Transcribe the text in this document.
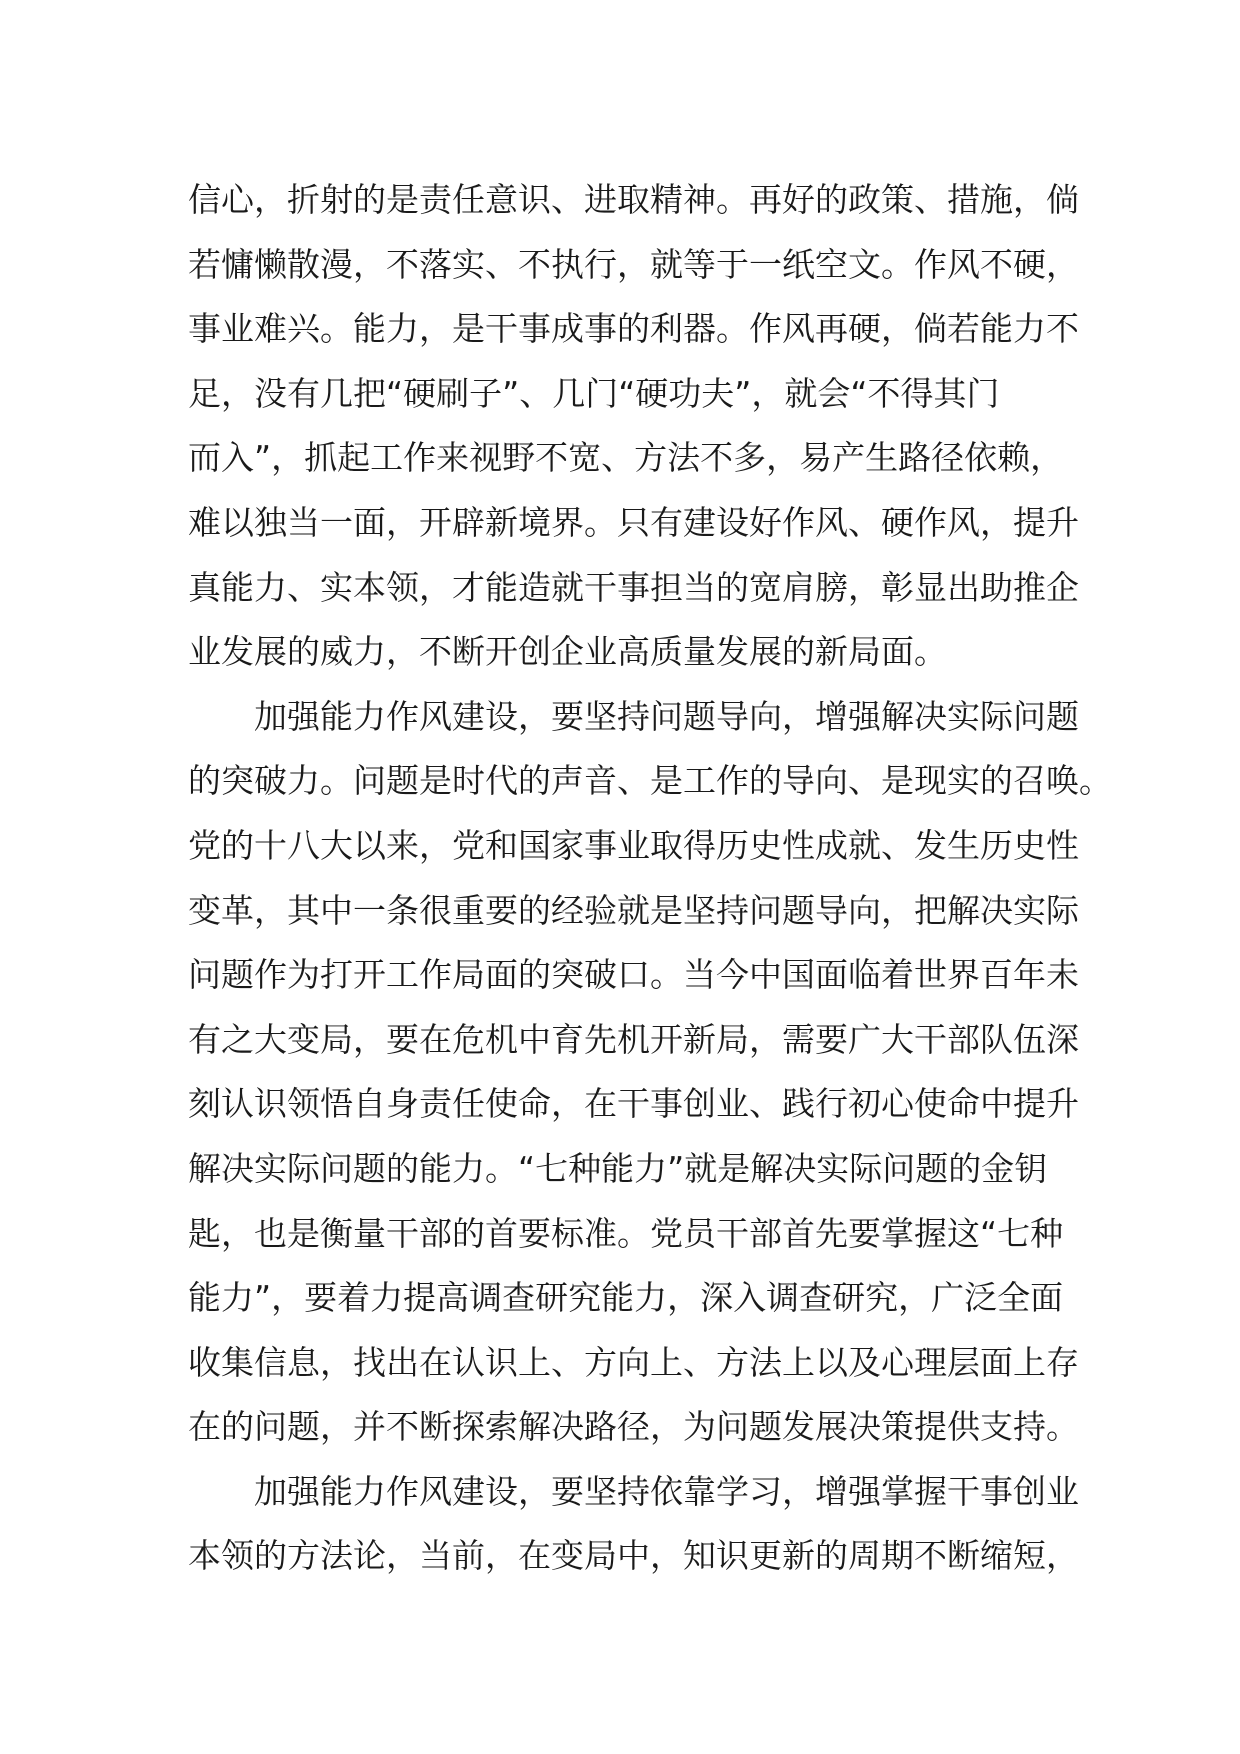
信心，折射的是责任意识、进取精神。再好的政策、措施，倘
若慵懒散漫，不落实、不执行，就等于一纸空文。作风不硬，
事业难兴。能力，是干事成事的利器。作风再硬，倘若能力不
足，没有几把“硬刷子”、几门“硬功夫”，就会“不得其门
而入”，抓起工作来视野不宽、方法不多，易产生路径依赖，
难以独当一面，开辟新境界。只有建设好作风、硬作风，提升
真能力、实本领，才能造就干事担当的宽肩膀，彰显出助推企
业发展的威力，不断开创企业高质量发展的新局面。
加强能力作风建设，要坚持问题导向，增强解决实际问题
的突破力。问题是时代的声音、是工作的导向、是现实的召唤。
党的十八大以来，党和国家事业取得历史性成就、发生历史性
变革，其中一条很重要的经验就是坚持问题导向，把解决实际
问题作为打开工作局面的突破口。当今中国面临着世界百年未
有之大变局，要在危机中育先机开新局，需要广大干部队伍深
刻认识领悟自身责任使命，在干事创业、践行初心使命中提升
解决实际问题的能力。“七种能力”就是解决实际问题的金钥
匙，也是衡量干部的首要标准。党员干部首先要掌握这“七种
能力”，要着力提高调查研究能力，深入调查研究，广泛全面
收集信息，找出在认识上、方向上、方法上以及心理层面上存
在的问题，并不断探索解决路径，为问题发展决策提供支持。
加强能力作风建设，要坚持依靠学习，增强掌握干事创业
本领的方法论，当前，在变局中，知识更新的周期不断缩短，
